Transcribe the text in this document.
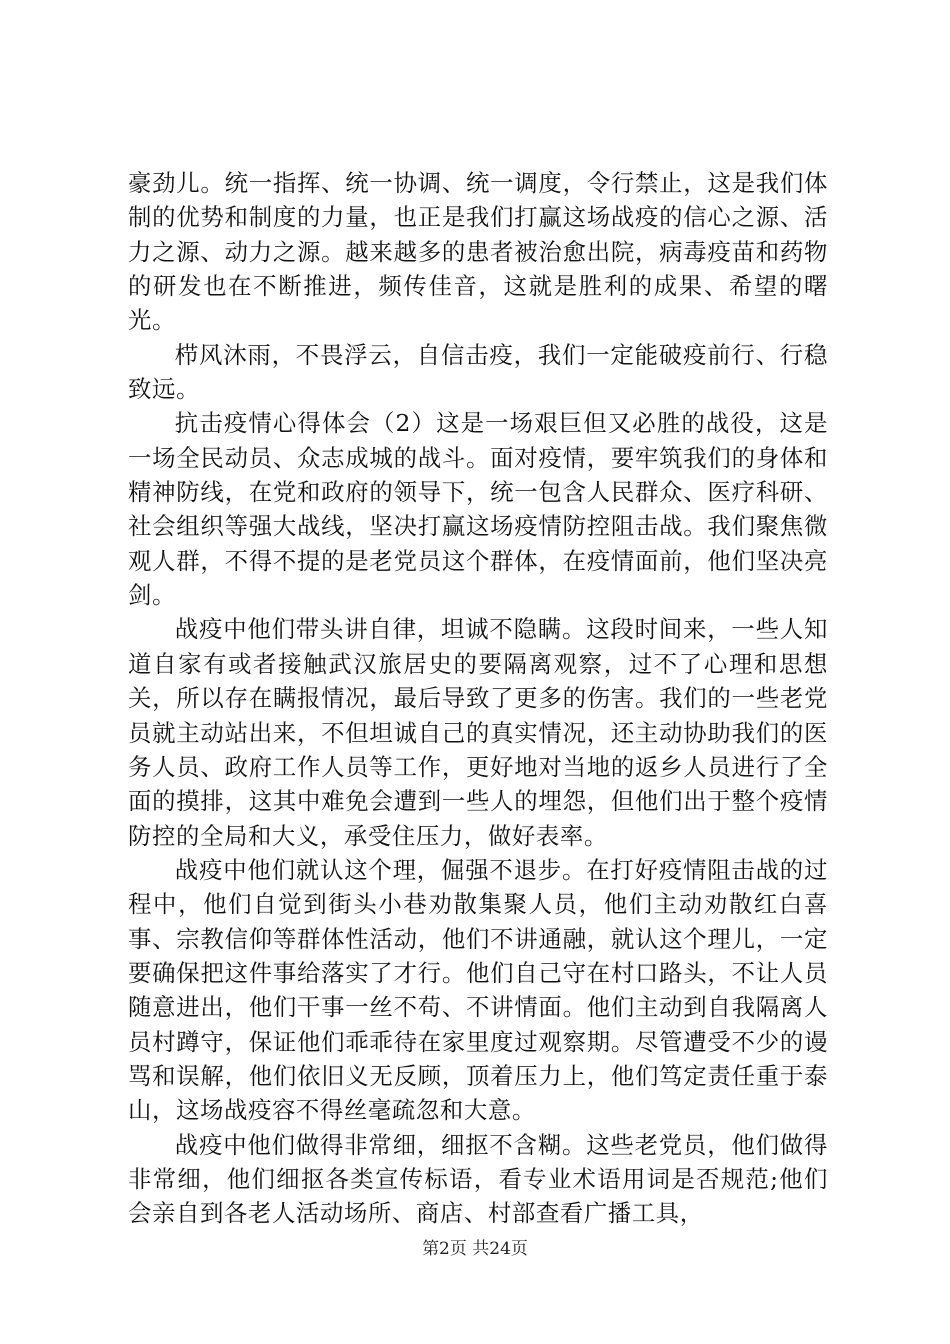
豪劲儿。统一指挥、统一协调、统一调度，令行禁止，这是我们体制的优势和制度的力量，也正是我们打赢这场战疫的信心之源、活力之源、动力之源。越来越多的患者被治愈出院，病毒疫苗和药物的研发也在不断推进，频传佳音，这就是胜利的成果、希望的曙光。

栉风沐雨，不畏浮云，自信击疫，我们一定能破疫前行、行稳致远。

抗击疫情心得体会（2）这是一场艰巨但又必胜的战役，这是一场全民动员、众志成城的战斗。面对疫情，要牢筑我们的身体和精神防线，在党和政府的领导下，统一包含人民群众、医疗科研、社会组织等强大战线，坚决打赢这场疫情防控阻击战。我们聚焦微观人群，不得不提的是老党员这个群体，在疫情面前，他们坚决亮剑。

战疫中他们带头讲自律，坦诚不隐瞒。这段时间来，一些人知道自家有或者接触武汉旅居史的要隔离观察，过不了心理和思想关，所以存在瞒报情况，最后导致了更多的伤害。我们的一些老党员就主动站出来，不但坦诚自己的真实情况，还主动协助我们的医务人员、政府工作人员等工作，更好地对当地的返乡人员进行了全面的摸排，这其中难免会遭到一些人的埋怨，但他们出于整个疫情防控的全局和大义，承受住压力，做好表率。

战疫中他们就认这个理，倔强不退步。在打好疫情阻击战的过程中，他们自觉到街头小巷劝散集聚人员，他们主动劝散红白喜事、宗教信仰等群体性活动，他们不讲通融，就认这个理儿，一定要确保把这件事给落实了才行。他们自己守在村口路头，不让人员随意进出，他们干事一丝不苟、不讲情面。他们主动到自我隔离人员村蹲守，保证他们乖乖待在家里度过观察期。尽管遭受不少的谩骂和误解，他们依旧义无反顾，顶着压力上，他们笃定责任重于泰山，这场战疫容不得丝毫疏忽和大意。

战疫中他们做得非常细，细抠不含糊。这些老党员，他们做得非常细，他们细抠各类宣传标语，看专业术语用词是否规范;他们会亲自到各老人活动场所、商店、村部查看广播工具，

第2页 共24页
